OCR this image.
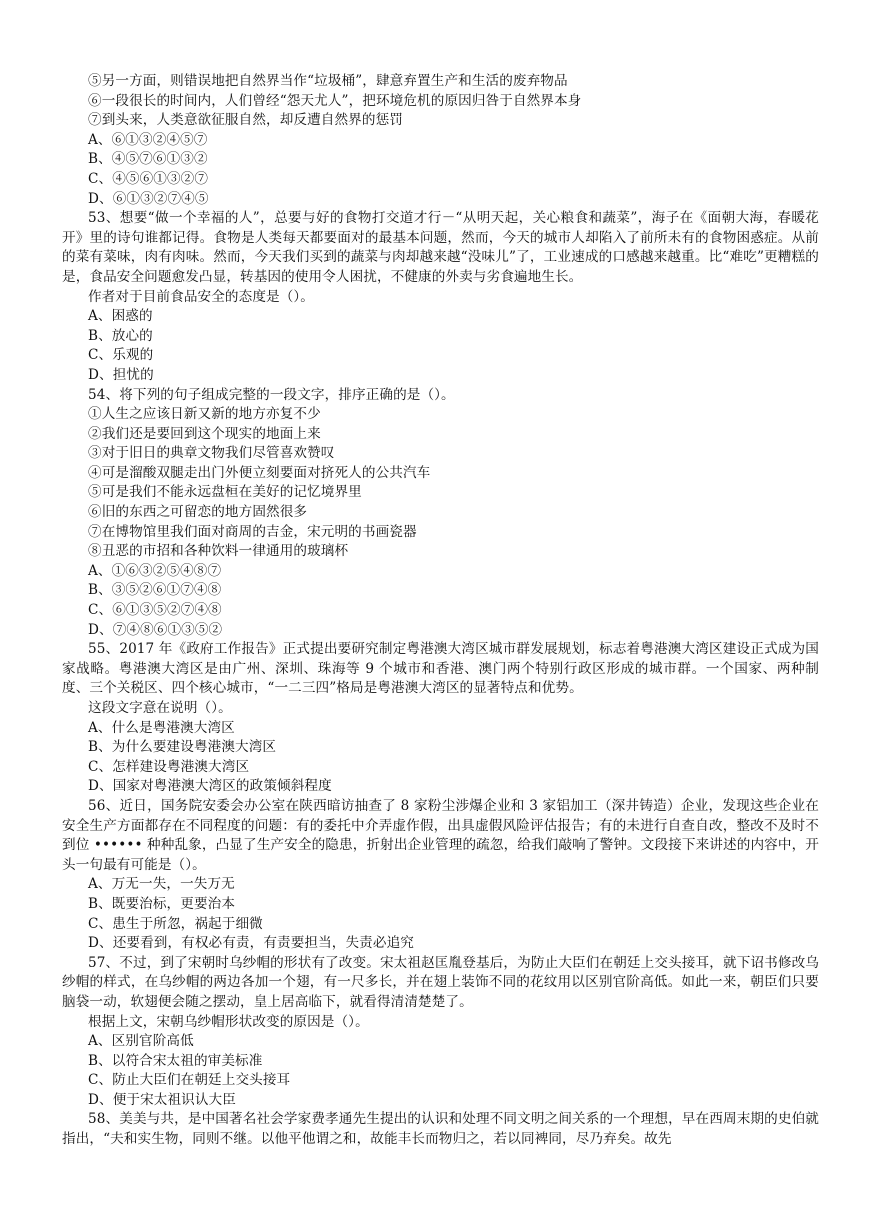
⑤另一方面，则错误地把自然界当作“垃圾桶”，肆意弃置生产和生活的废弃物品
⑥一段很长的时间内，人们曾经“怨天尤人”，把环境危机的原因归咎于自然界本身
⑦到头来，人类意欲征服自然，却反遭自然界的惩罚
A、⑥①③②④⑤⑦
B、④⑤⑦⑥①③②
C、④⑤⑥①③②⑦
D、⑥①③②⑦④⑤

53、想要“做一个幸福的人”，总要与好的食物打交道才行－“从明天起，关心粮食和蔬菜”，海子在《面朝大海，春暖花开》里的诗句谁都记得。食物是人类每天都要面对的最基本问题，然而，今天的城市人却陷入了前所未有的食物困惑症。从前的菜有菜味，肉有肉味。然而，今天我们买到的蔬菜与肉却越来越“没味儿”了，工业速成的口感越来越重。比“难吃”更糟糕的是，食品安全问题愈发凸显，转基因的使用令人困扰，不健康的外卖与劣食遍地生长。

作者对于目前食品安全的态度是（）。
A、困惑的
B、放心的
C、乐观的
D、担忧的
54、将下列的句子组成完整的一段文字，排序正确的是（）。
①人生之应该日新又新的地方亦复不少
②我们还是要回到这个现实的地面上来
③对于旧日的典章文物我们尽管喜欢赞叹
④可是溜酸双腿走出门外便立刻要面对挤死人的公共汽车
⑤可是我们不能永远盘桓在美好的记忆境界里
⑥旧的东西之可留恋的地方固然很多
⑦在博物馆里我们面对商周的吉金，宋元明的书画瓷器
⑧丑恶的市招和各种饮料一律通用的玻璃杯
A、①⑥③②⑤④⑧⑦
B、③⑤②⑥①⑦④⑧
C、⑥①③⑤②⑦④⑧
D、⑦④⑧⑥①③⑤②

55、2017 年《政府工作报告》正式提出要研究制定粤港澳大湾区城市群发展规划，标志着粤港澳大湾区建设正式成为国家战略。粤港澳大湾区是由广州、深圳、珠海等 9 个城市和香港、澳门两个特别行政区形成的城市群。一个国家、两种制度、三个关税区、四个核心城市，“一二三四”格局是粤港澳大湾区的显著特点和优势。

这段文字意在说明（）。
A、什么是粤港澳大湾区
B、为什么要建设粤港澳大湾区
C、怎样建设粤港澳大湾区
D、国家对粤港澳大湾区的政策倾斜程度

56、近日，国务院安委会办公室在陕西暗访抽查了 8 家粉尘涉爆企业和 3 家铝加工（深井铸造）企业，发现这些企业在安全生产方面都存在不同程度的问题：有的委托中介弄虚作假，出具虚假风险评估报告；有的未进行自查自改，整改不及时不到位 •••••• 种种乱象，凸显了生产安全的隐患，折射出企业管理的疏忽，给我们敲响了警钟。文段接下来讲述的内容中，开头一句最有可能是（）。

A、万无一失，一失万无
B、既要治标，更要治本
C、患生于所忽，祸起于细微
D、还要看到，有权必有责，有责要担当，失责必追究

57、不过，到了宋朝时乌纱帽的形状有了改变。宋太祖赵匡胤登基后，为防止大臣们在朝廷上交头接耳，就下诏书修改乌纱帽的样式，在乌纱帽的两边各加一个翅，有一尺多长，并在翅上装饰不同的花纹用以区别官阶高低。如此一来，朝臣们只要脑袋一动，软翅便会随之摆动，皇上居高临下，就看得清清楚楚了。

根据上文，宋朝乌纱帽形状改变的原因是（）。
A、区别官阶高低
B、以符合宋太祖的审美标准
C、防止大臣们在朝廷上交头接耳
D、便于宋太祖识认大臣

58、美美与共，是中国著名社会学家费孝通先生提出的认识和处理不同文明之间关系的一个理想，早在西周末期的史伯就指出，“夫和实生物，同则不继。以他平他谓之和，故能丰长而物归之，若以同裨同，尽乃弃矣。故先
